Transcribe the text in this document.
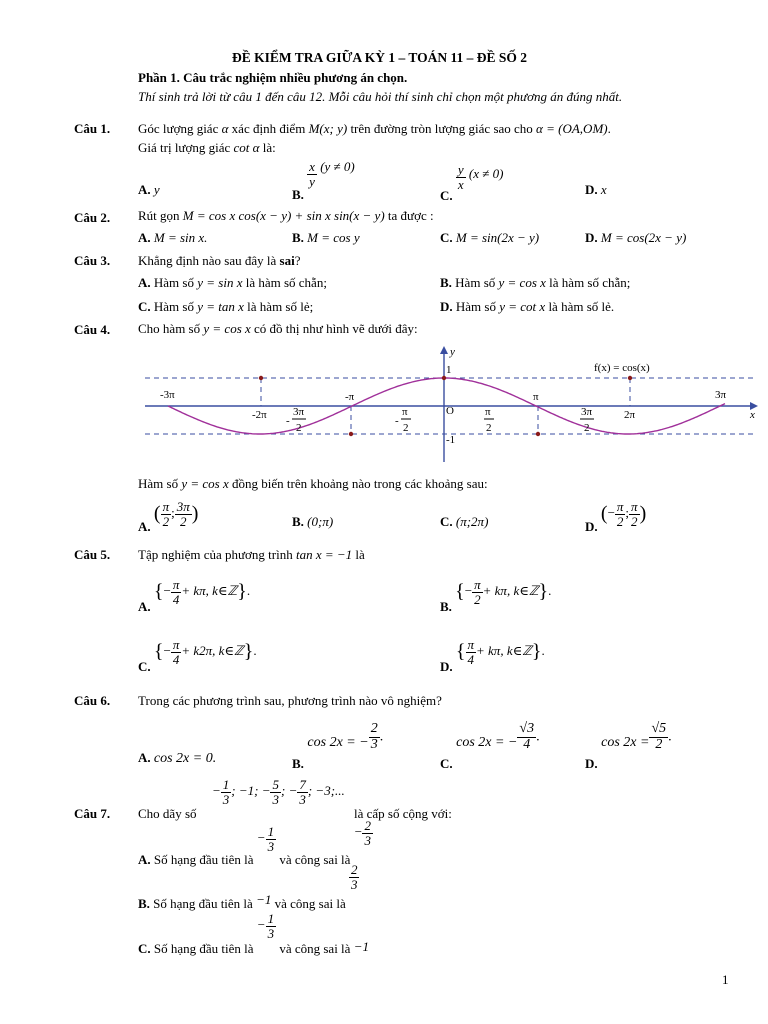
ĐỀ KIỂM TRA GIỮA KỲ 1 – TOÁN 11 – ĐỀ SỐ 2
Phần 1. Câu trắc nghiệm nhiều phương án chọn.
Thí sinh trả lời từ câu 1 đến câu 12. Mỗi câu hỏi thí sinh chỉ chọn một phương án đúng nhất.
Câu 1. Góc lượng giác α xác định điểm M(x; y) trên đường tròn lượng giác sao cho α = (OA,OM).
Giá trị lượng giác cot α là:
A. y	B.
$\frac{x}{y} (y \ne 0)$
C.
$\frac{y}{x} (x \ne 0)$
D. x
Câu 2. Rút gọn M = cos x cos(x − y) + sin x sin(x − y) ta được :
A. M = sin x.	B. M = cos y	C. M = sin(2x − y)	D. M = cos(2x − y)
Câu 3. Khẳng định nào sau đây là sai?
A. Hàm số y = sin x là hàm số chẵn;	B. Hàm số y = cos x là hàm số chẵn;
C. Hàm số y = tan x là hàm số lẻ;	D. Hàm số y = cot x là hàm số lẻ.
Câu 4. Cho hàm số y = cos x có đồ thị như hình vẽ dưới đây:
y
x
1
O
-1
f(x) = cos(x)
-3π
-2π
-π	π
2π
3π
-
3π
2
-
π
2
π
2
3π
2
Hàm số y = cos x đồng biến trên khoảng nào trong các khoảng sau:
A. ( $\frac{\pi}{2}$ ; $\frac{3\pi}{2}$ )	B. (0;π)	C. (π;2π)	D. (− $\frac{\pi}{2}$ ; $\frac{\pi}{2}$ )
Câu 5. Tập nghiệm của phương trình tan x = −1 là
A. {− $\frac{\pi}{4} + k\pi$, k∈ℤ}.
B. {− $\frac{\pi}{2} + k\pi$, k∈ℤ}.
C. {− $\frac{\pi}{4} + k2\pi$, k∈ℤ}.
D. { $\frac{\pi}{4} + k\pi$, k∈ℤ}.
Câu 6. Trong các phương trình sau, phương trình nào vô nghiệm?
A. cos 2x = 0.	B. cos 2x = − $\frac{2}{3}$ .
C. cos 2x = − $\frac{√3}{4}$ .
D. $\cos 2x = \frac{√5}{2}$ .
Câu 7. Cho dãy số
− $\frac{1}{3}$ ; −1; − $\frac{5}{3}$ ; − $\frac{7}{3}$ ; −3;...
là cấp số cộng với:
A. Số hạng đầu tiên là − $\frac{1}{3}$
và công sai là − $\frac{2}{3}$
B. Số hạng đầu tiên là −1 và công sai là
$\frac{2}{3}$
C. Số hạng đầu tiên là − $\frac{1}{3}$
và công sai là −1
1
